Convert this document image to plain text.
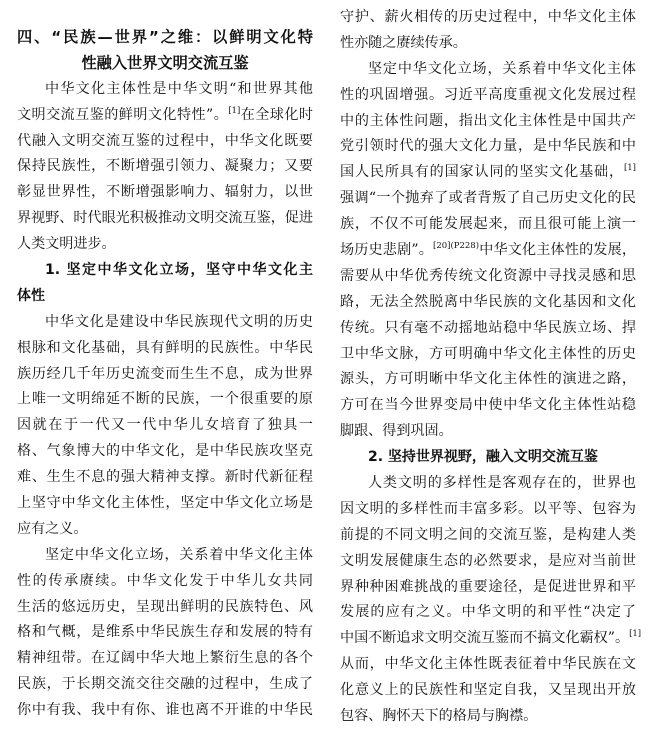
四、“民族—世界”之维：以鲜明文化特
性融入世界文明交流互鉴
中华文化主体性是中华文明“和世界其他
文明交流互鉴的鲜明文化特性”。[1]在全球化时
代融入文明交流互鉴的过程中，中华文化既要
保持民族性，不断增强引领力、凝聚力；又要
彰显世界性，不断增强影响力、辐射力，以世
界视野、时代眼光积极推动文明交流互鉴，促进
人类文明进步。
1. 坚定中华文化立场，坚守中华文化主
体性
中华文化是建设中华民族现代文明的历史
根脉和文化基础，具有鲜明的民族性。中华民
族历经几千年历史流变而生生不息，成为世界
上唯一文明绵延不断的民族，一个很重要的原
因就在于一代又一代中华儿女培育了独具一
格、气象博大的中华文化，是中华民族攻坚克
难、生生不息的强大精神支撑。新时代新征程
上坚守中华文化主体性，坚定中华文化立场是
应有之义。
坚定中华文化立场，关系着中华文化主体
性的传承赓续。中华文化发于中华儿女共同
生活的悠远历史，呈现出鲜明的民族特色、风
格和气概，是维系中华民族生存和发展的特有
精神纽带。在辽阔中华大地上繁衍生息的各个
民族，于长期交流交往交融的过程中，生成了
你中有我、我中有你、谁也离不开谁的中华民
守护、薪火相传的历史过程中，中华文化主体
性亦随之赓续传承。
坚定中华文化立场，关系着中华文化主体
性的巩固增强。习近平高度重视文化发展过程
中的主体性问题，指出文化主体性是中国共产
党引领时代的强大文化力量，是中华民族和中
国人民所具有的国家认同的坚实文化基础，[1]
强调“一个抛弃了或者背叛了自己历史文化的民
族，不仅不可能发展起来，而且很可能上演一
场历史悲剧”。$^{[20](P228)}$中华文化主体性的发展，
需要从中华优秀传统文化资源中寻找灵感和思
路，无法全然脱离中华民族的文化基因和文化
传统。只有毫不动摇地站稳中华民族立场、捍
卫中华文脉，方可明确中华文化主体性的历史
源头，方可明晰中华文化主体性的演进之路，
方可在当今世界变局中使中华文化主体性站稳
脚跟、得到巩固。
2. 坚持世界视野，融入文明交流互鉴
人类文明的多样性是客观存在的，世界也
因文明的多样性而丰富多彩。以平等、包容为
前提的不同文明之间的交流互鉴，是构建人类
文明发展健康生态的必然要求，是应对当前世
界种种困难挑战的重要途径，是促进世界和平
发展的应有之义。中华文明的和平性“决定了
中国不断追求文明交流互鉴而不搞文化霸权”。[1]
从而，中华文化主体性既表征着中华民族在文
化意义上的民族性和坚定自我，又呈现出开放
包容、胸怀天下的格局与胸襟。
